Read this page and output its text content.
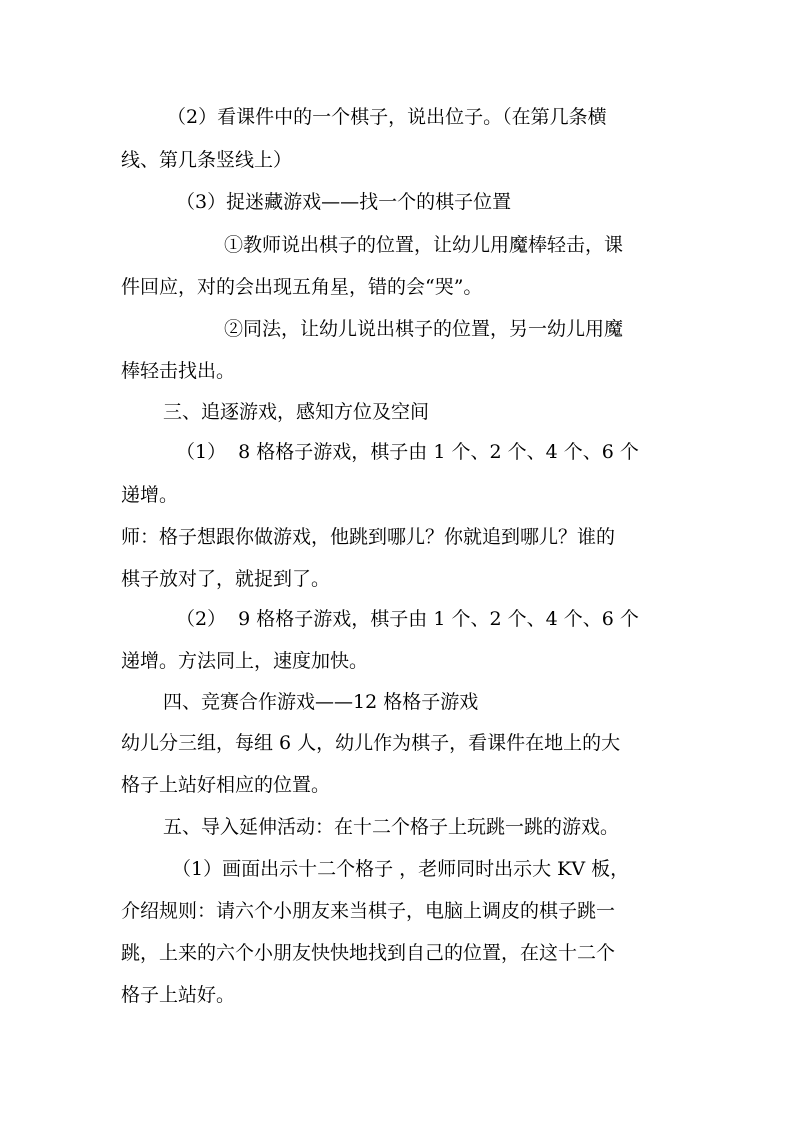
（2）看课件中的一个棋子，说出位子。（在第几条横
线、第几条竖线上）
（3）捉迷藏游戏——找一个的棋子位置
①教师说出棋子的位置，让幼儿用魔棒轻击，课
件回应，对的会出现五角星，错的会“哭”。
②同法，让幼儿说出棋子的位置，另一幼儿用魔
棒轻击找出。
三、追逐游戏，感知方位及空间
（1）  8 格格子游戏，棋子由 1 个、2 个、4 个、6 个
递增。
师：格子想跟你做游戏，他跳到哪儿？你就追到哪儿？谁的
棋子放对了，就捉到了。
（2）  9 格格子游戏，棋子由 1 个、2 个、4 个、6 个
递增。方法同上，速度加快。
四、竞赛合作游戏——12 格格子游戏
幼儿分三组，每组 6 人，幼儿作为棋子，看课件在地上的大
格子上站好相应的位置。
五、导入延伸活动：在十二个格子上玩跳一跳的游戏。
（1）画面出示十二个格子 ，老师同时出示大 KV 板，
介绍规则：请六个小朋友来当棋子，电脑上调皮的棋子跳一
跳，上来的六个小朋友快快地找到自己的位置，在这十二个
格子上站好。
